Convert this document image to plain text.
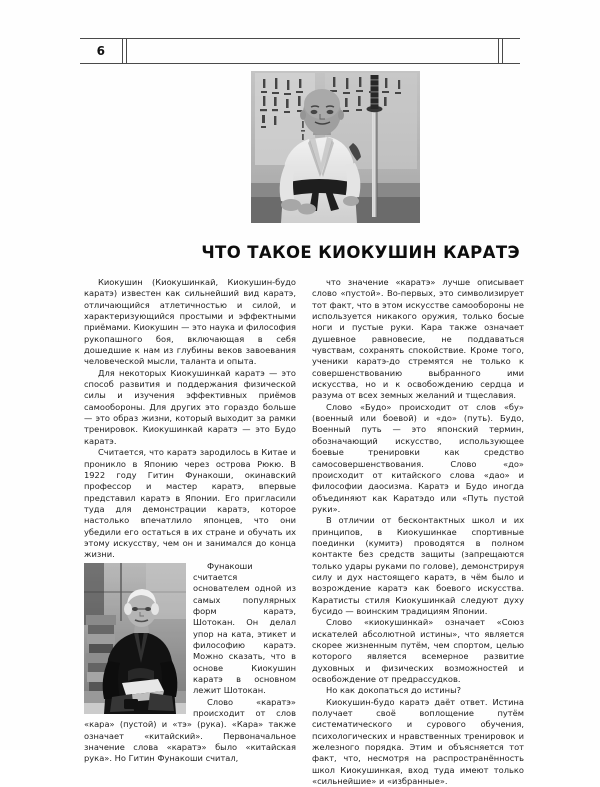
6
ЧТО ТАКОЕ КИОКУШИН КАРАТЭ

Киокушин (Киокушинкай, Киокушин-будо каратэ) известен как сильнейший вид каратэ, отличающийся атлетичностью и силой, и характеризующийся простыми и эффектными приёмами. Киокушин — это наука и философия рукопашного боя, включающая в себя дошедшие к нам из глубины веков завоевания человеческой мысли, таланта и опыта.

Для некоторых Киокушинкай каратэ — это способ развития и поддержания физической силы и изучения эффективных приёмов самообороны. Для других это гораздо больше — это образ жизни, который выходит за рамки тренировок. Киокушинкай каратэ — это Будо каратэ.

Считается, что каратэ зародилось в Китае и проникло в Японию через острова Рюкю. В 1922 году Гитин Фунакоши, окинавский профессор и мастер каратэ, впервые представил каратэ в Японии. Его пригласили туда для демонстрации каратэ, которое настолько впечатлило японцев, что они убедили его остаться в их стране и обучать их этому искусству, чем он и занимался до конца жизни.

Фунакоши считается основателем одной из самых популярных форм каратэ, Шотокан. Он делал упор на ката, этикет и философию каратэ. Можно сказать, что в основе Киокушин каратэ в основном лежит Шотокан.

Слово «каратэ» происходит от слов «кара» (пустой) и «тэ» (рука). «Кара» также означает «китайский». Первоначальное значение слова «каратэ» было «китайская рука». Но Гитин Фунакоши считал,

что значение «каратэ» лучше описывает слово «пустой». Во-первых, это символизирует тот факт, что в этом искусстве самообороны не используется никакого оружия, только босые ноги и пустые руки. Кара также означает душевное равновесие, не поддаваться чувствам, сохранять спокойствие. Кроме того, ученики каратэ-до стремятся не только к совершенствованию выбранного ими искусства, но и к освобождению сердца и разума от всех земных желаний и тщеславия.

Слово «Будо» происходит от слов «бу» (военный или боевой) и «до» (путь). Будо, Военный путь — это японский термин, обозначающий искусство, использующее боевые тренировки как средство самосовершенствования. Слово «до» происходит от китайского слова «дао» и философии даосизма. Каратэ и Будо иногда объединяют как Каратэдо или «Путь пустой руки».

В отличии от бесконтактных школ и их принципов, в Киокушинкае спортивные поединки (кумитэ) проводятся в полном контакте без средств защиты (запрещаются только удары руками по голове), демонстрируя силу и дух настоящего каратэ, в чём было и возрождение каратэ как боевого искусства. Каратисты стиля Киокушинкай следуют духу бусидо — воинским традициям Японии.

Слово «киокушинкай» означает «Союз искателей абсолютной истины», что является скорее жизненным путём, чем спортом, целью которого является всемерное развитие духовных и физических возможностей и освобождение от предрассудков.

Но как докопаться до истины?

Киокушин-будо каратэ даёт ответ. Истина получает своё воплощение путём систематического и сурового обучения, психологических и нравственных тренировок и железного порядка. Этим и объясняется тот факт, что, несмотря на распространённость школ Киокушинкая, вход туда имеют только «сильнейшие» и «избранные».
